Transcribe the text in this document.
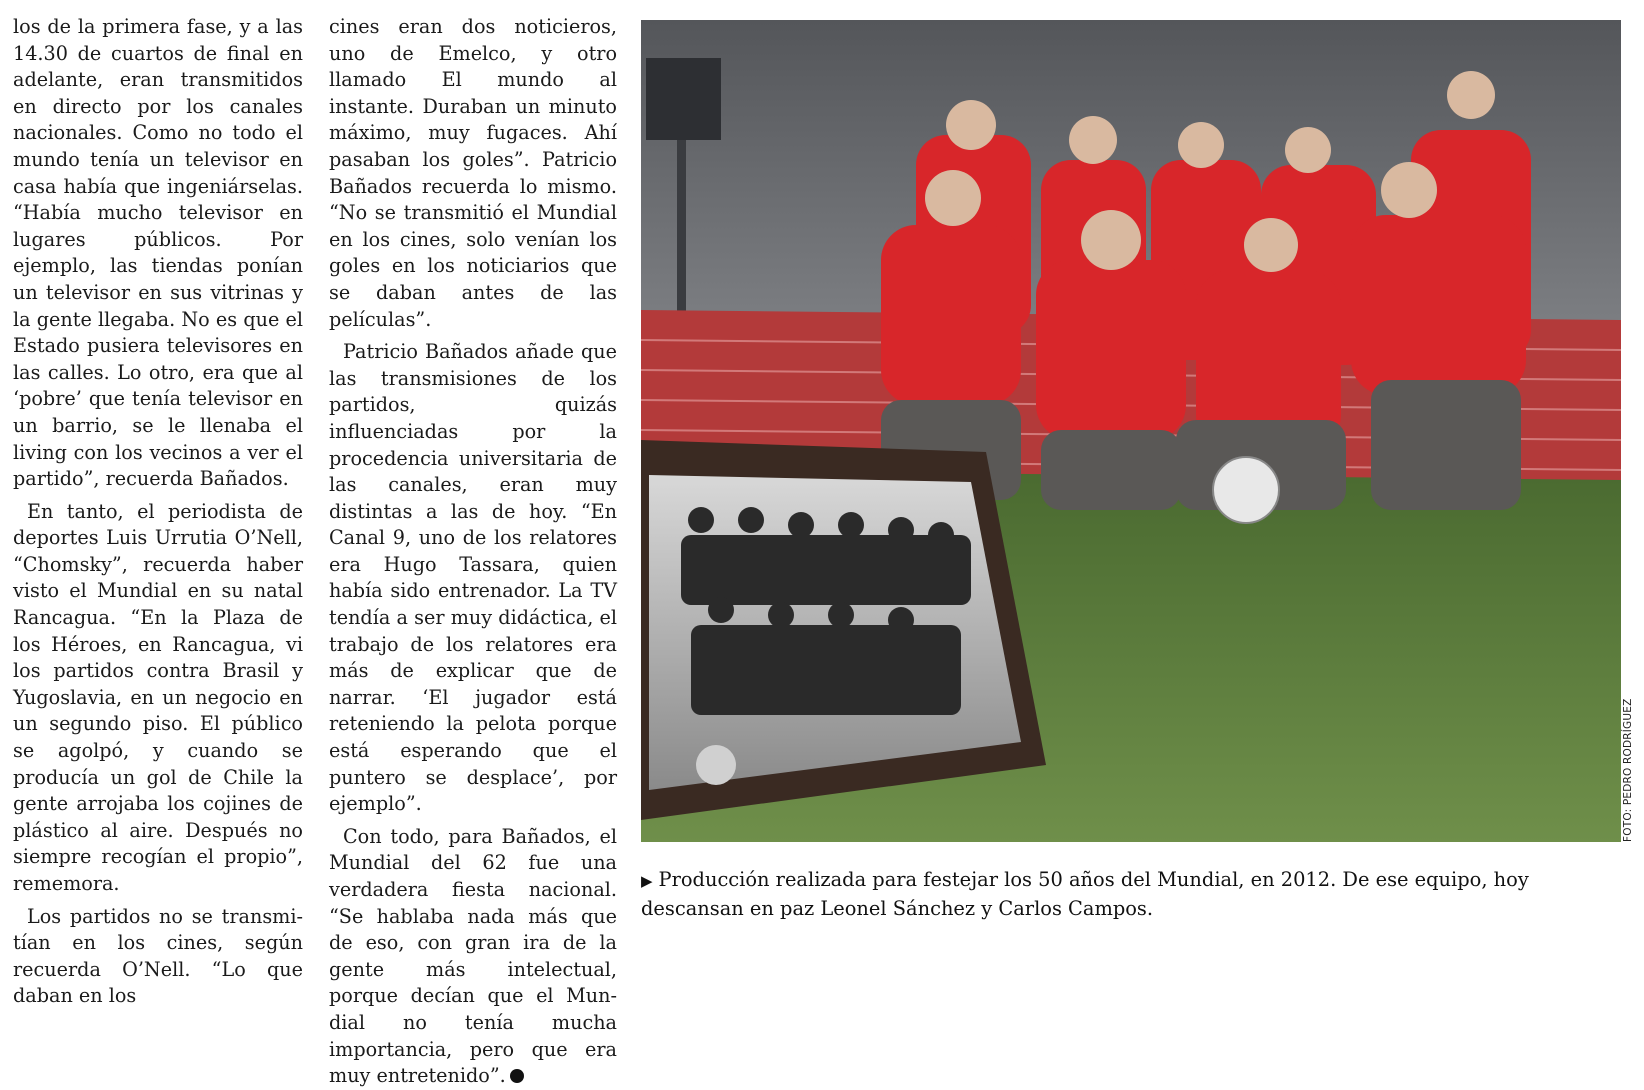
los de la primera fase, y a las 14.30 de cuartos de final en adelante, eran transmitidos en directo por los canales nacionales. Como no todo el mundo tenía un televisor en casa había que ingeniárselas. “Había mucho televisor en lugares públicos. Por ejemplo, las tiendas ponían un televisor en sus vitrinas y la gente llegaba. No es que el Estado pusiera televisores en las calles. Lo otro, era que al ‘pobre’ que tenía televisor en un barrio, se le llenaba el living con los vecinos a ver el partido”, recuerda Bañados.

En tanto, el periodista de deportes Luis Urrutia O’Nell, “Chomsky”, recuerda haber visto el Mundial en su natal Rancagua. “En la Plaza de los Héroes, en Rancagua, vi los partidos contra Brasil y Yugoslavia, en un negocio en un segundo piso. El público se agolpó, y cuando se producía un gol de Chile la gente arrojaba los cojines de plástico al aire. Después no siempre recogían el propio”, rememora.

Los partidos no se transmitían en los cines, según recuerda O’Nell. “Lo que daban en los

cines eran dos noticieros, uno de Emelco, y otro llamado El mundo al instante. Duraban un minuto máximo, muy fugaces. Ahí pasaban los goles”. Patricio Bañados recuerda lo mismo. “No se transmitió el Mundial en los cines, solo venían los goles en los noticiarios que se daban antes de las películas”.

Patricio Bañados añade que las transmisiones de los partidos, quizás influenciadas por la procedencia universitaria de las canales, eran muy distintas a las de hoy. “En Canal 9, uno de los relatores era Hugo Tassara, quien había sido entrenador. La TV tendía a ser muy didáctica, el trabajo de los relatores era más de explicar que de narrar. ‘El jugador está reteniendo la pelota porque está esperando que el puntero se desplace’, por ejemplo”.

Con todo, para Bañados, el Mundial del 62 fue una verdadera fiesta nacional. “Se hablaba nada más que de eso, con gran ira de la gente más intelectual, porque decían que el Mundial no tenía mucha importancia, pero que era muy entretenido”.

FOTO: PEDRO RODRÍGUEZ
▶ Producción realizada para festejar los 50 años del Mundial, en 2012. De ese equipo, hoy descansan en paz Leonel Sánchez y Carlos Campos.
